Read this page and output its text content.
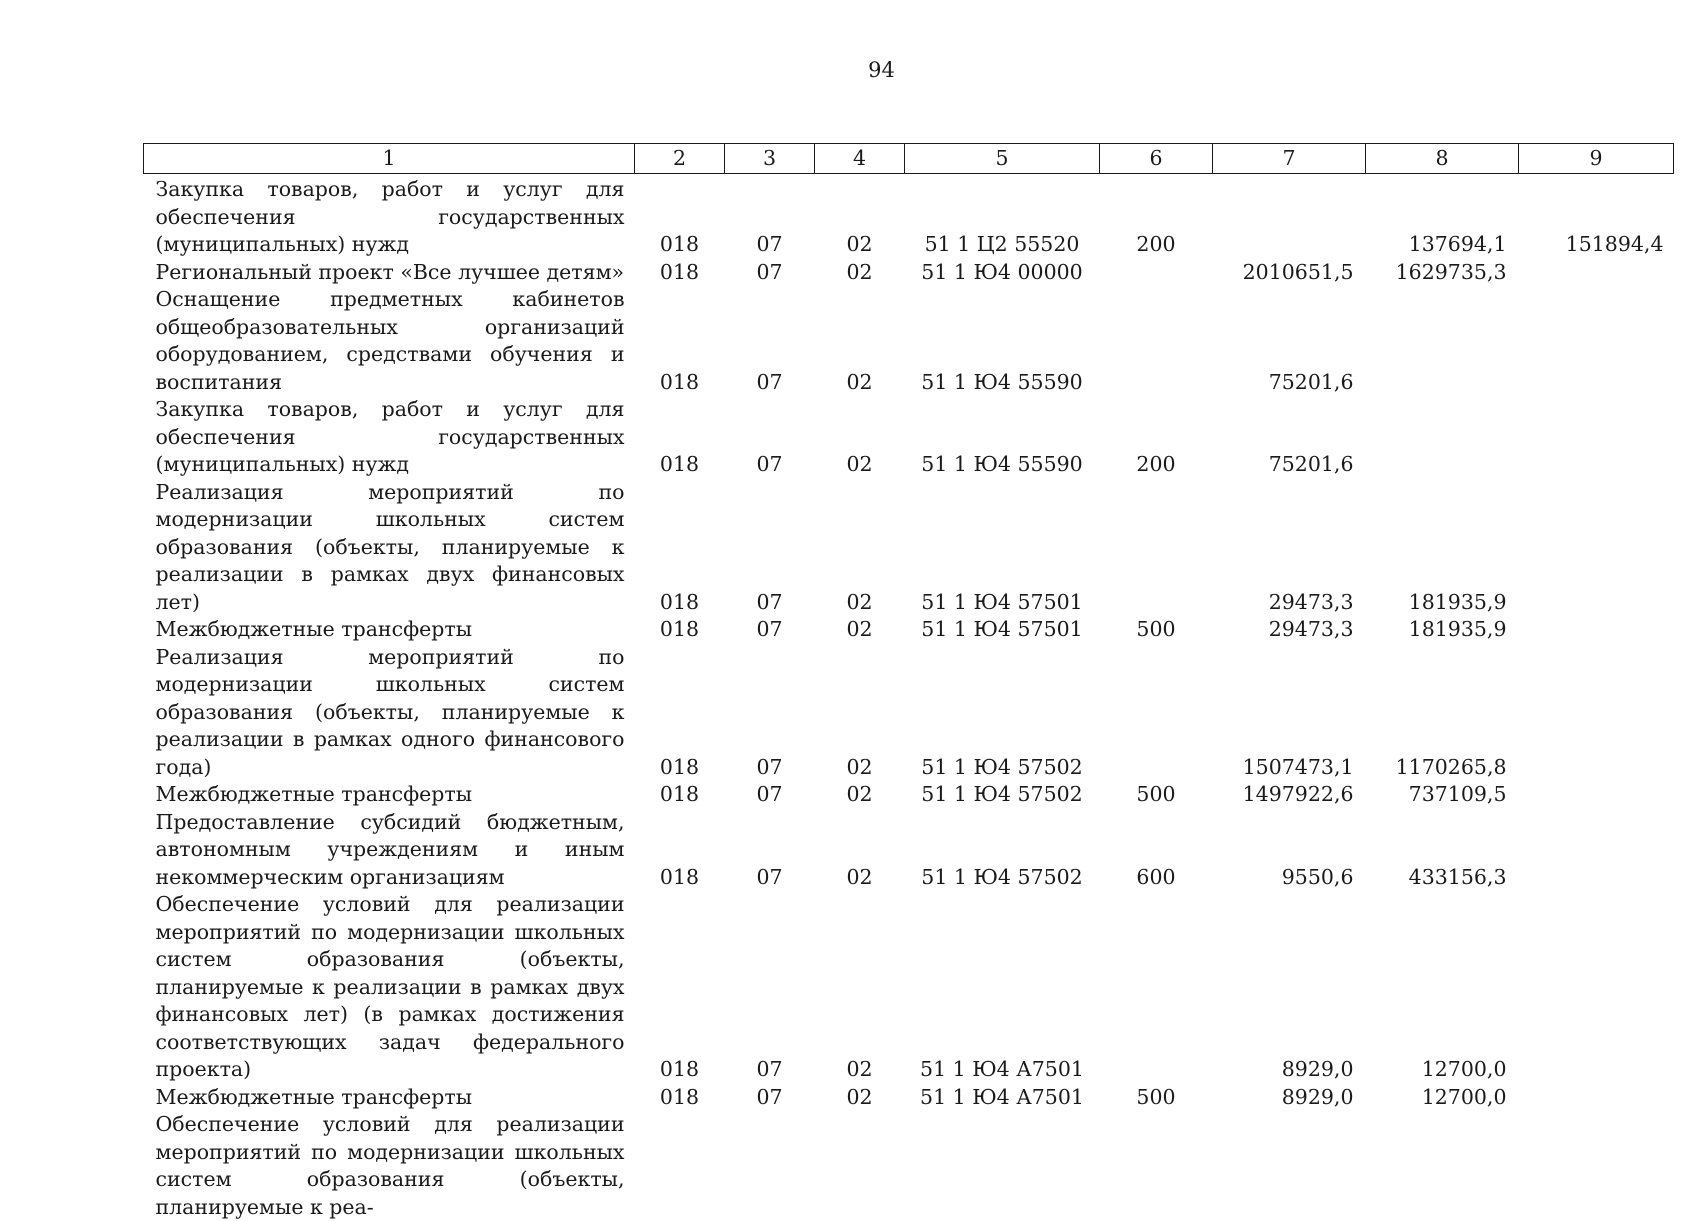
94
1	2	3	4	5	6	7	8	9
Закупка товаров, работ и услуг для обеспечения государственных (муниципальных) нужд	018	07	02	51 1 Ц2 55520	200		137694,1	151894,4
Региональный проект «Все лучшее детям»	018	07	02	51 1 Ю4 00000		2010651,5	1629735,3	
Оснащение предметных кабинетов общеобразовательных организаций оборудованием, средствами обучения и воспитания	018	07	02	51 1 Ю4 55590		75201,6		
Закупка товаров, работ и услуг для обеспечения государственных (муниципальных) нужд	018	07	02	51 1 Ю4 55590	200	75201,6		
Реализация мероприятий по модернизации школьных систем образования (объекты, планируемые к реализации в рамках двух финансовых лет)	018	07	02	51 1 Ю4 57501		29473,3	181935,9	
Межбюджетные трансферты	018	07	02	51 1 Ю4 57501	500	29473,3	181935,9	
Реализация мероприятий по модернизации школьных систем образования (объекты, планируемые к реализации в рамках одного финансового года)	018	07	02	51 1 Ю4 57502		1507473,1	1170265,8	
Межбюджетные трансферты	018	07	02	51 1 Ю4 57502	500	1497922,6	737109,5	
Предоставление субсидий бюджетным, автономным учреждениям и иным некоммерческим организациям	018	07	02	51 1 Ю4 57502	600	9550,6	433156,3	
Обеспечение условий для реализации мероприятий по модернизации школьных систем образования (объекты, планируемые к реализации в рамках двух финансовых лет) (в рамках достижения соответствующих задач федерального проекта)	018	07	02	51 1 Ю4 А7501		8929,0	12700,0	
Межбюджетные трансферты	018	07	02	51 1 Ю4 А7501	500	8929,0	12700,0	
Обеспечение условий для реализации мероприятий по модернизации школьных систем образования (объекты, планируемые к реа-								
